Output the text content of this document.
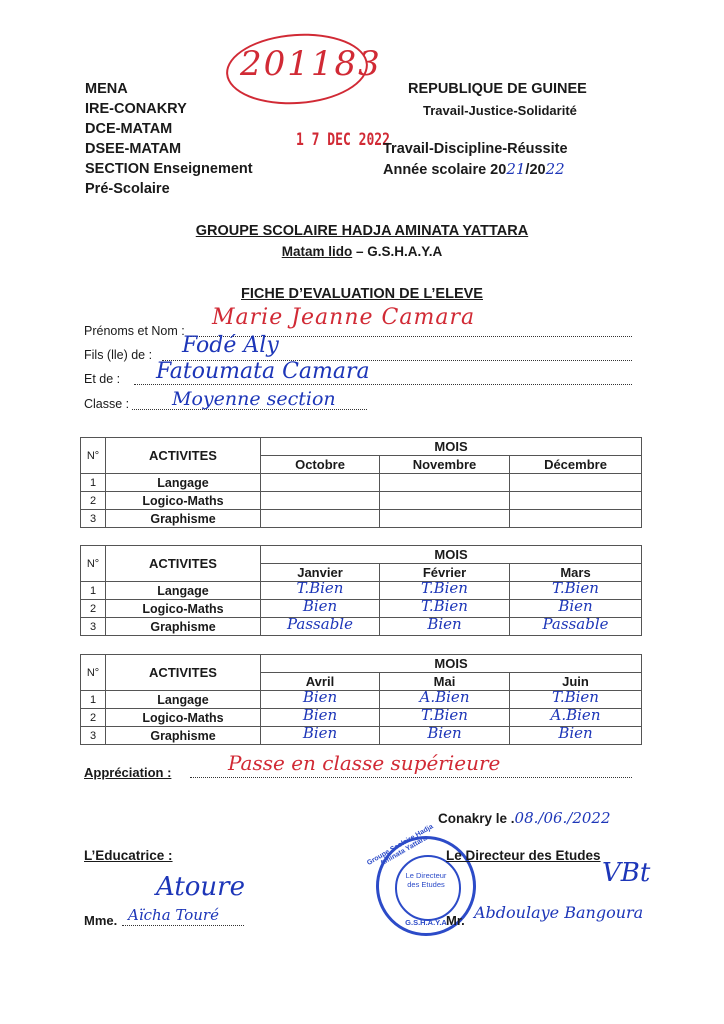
201183
1 7 DEC 2022
MENA
IRE-CONAKRY
DCE-MATAM
DSEE-MATAM
SECTION Enseignement
Pré-Scolaire
REPUBLIQUE DE GUINEE
Travail-Justice-Solidarité
Travail-Discipline-Réussite
Année scolaire 2021/2022
GROUPE SCOLAIRE HADJA AMINATA YATTARA
Matam lido – G.S.H.A.Y.A
FICHE D’EVALUATION DE L’ELEVE
Prénoms et Nom :
Marie Jeanne Camara
Fils (lle) de : Fodé Aly
Et de : Fatoumata Camara
Classe : Moyenne section
N°	ACTIVITES	MOIS		
		Octobre	Novembre	Décembre
1	Langage	

2	Logico-Maths	

3	Graphisme	

N°	ACTIVITES	MOIS		
		Janvier	Février	Mars
1	Langage	T.Bien	T.Bien	T.Bien

2	Logico-Maths	Bien	T.Bien	Bien

3	Graphisme	Passable	Bien	Passable
N°	ACTIVITES	MOIS		
		Avril	Mai	Juin
1	Langage	Bien	A.Bien	T.Bien

2	Logico-Maths	Bien	T.Bien	A.Bien

3	Graphisme	Bien	Bien	Bien
Appréciation :	Passe en classe supérieure
Conakry le .08./06./2022
L’Educatrice :
Atoure
Mme. Aïcha Touré
Groupe Scolaire Hadja Aminata Yattara
Le Directeur des Etudes
G.S.H.A.Y.A
Le Directeur des Etudes
VBt
Mr. Abdoulaye Bangoura
